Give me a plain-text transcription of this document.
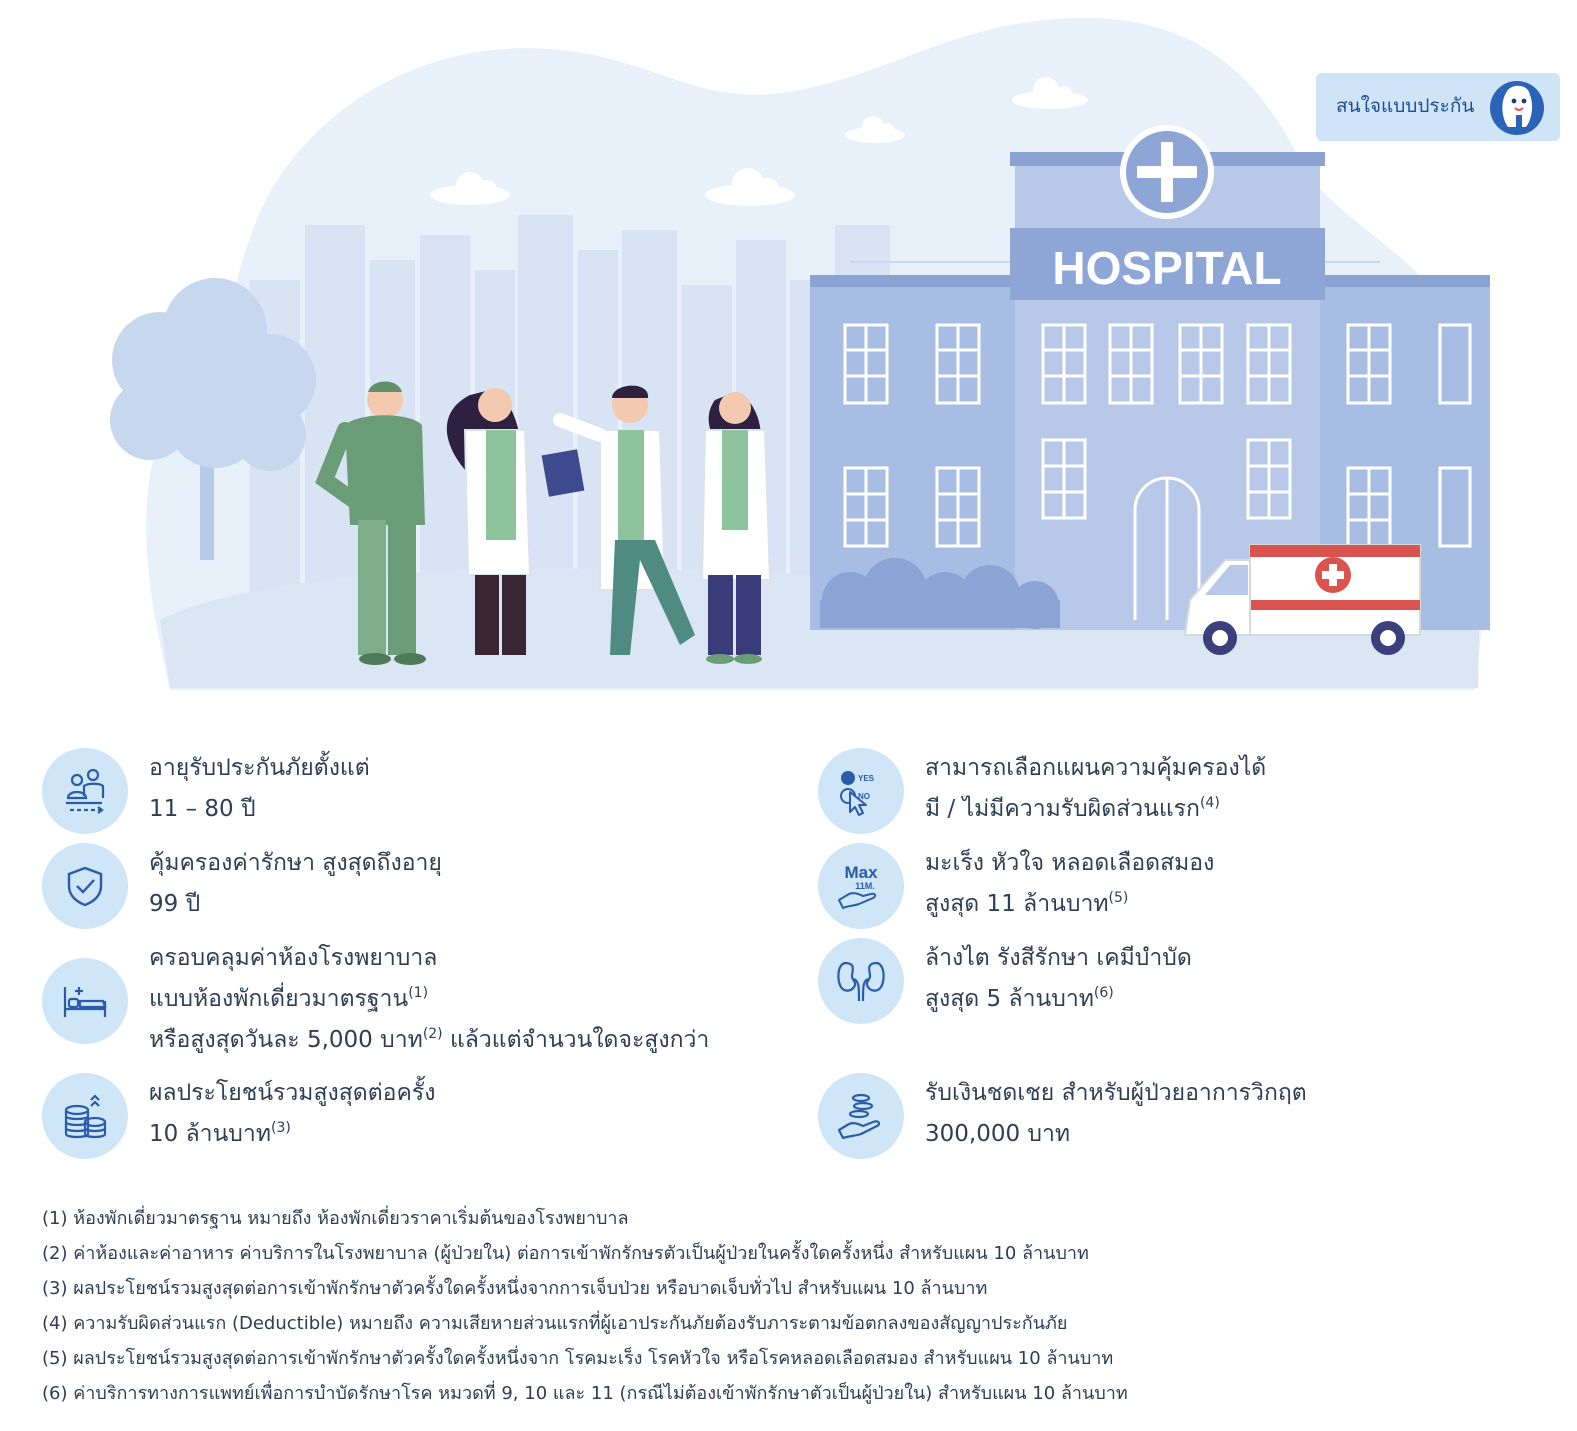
HOSPITAL
สนใจแบบประกัน
อายุรับประกันภัยตั้งแต่
11 – 80 ปี
YES
NO
สามารถเลือกแผนความคุ้มครองได้
มี / ไม่มีความรับผิดส่วนแรก$^{(4)}$
คุ้มครองค่ารักษา สูงสุดถึงอายุ
99 ปี
Max
11M.
มะเร็ง หัวใจ หลอดเลือดสมอง
สูงสุด 11 ล้านบาท$^{(5)}$
ครอบคลุมค่าห้องโรงพยาบาล
แบบห้องพักเดี่ยวมาตรฐาน$^{(1)}$
หรือสูงสุดวันละ 5,000 บาท$^{(2)}$ แล้วแต่จำนวนใดจะสูงกว่า
ล้างไต รังสีรักษา เคมีบำบัด
สูงสุด 5 ล้านบาท$^{(6)}$
ผลประโยชน์รวมสูงสุดต่อครั้ง
10 ล้านบาท$^{(3)}$
รับเงินชดเชย สำหรับผู้ป่วยอาการวิกฤต
300,000 บาท
(1) ห้องพักเดี่ยวมาตรฐาน หมายถึง ห้องพักเดี่ยวราคาเริ่มต้นของโรงพยาบาล
(2) ค่าห้องและค่าอาหาร ค่าบริการในโรงพยาบาล (ผู้ป่วยใน) ต่อการเข้าพักรักษรตัวเป็นผู้ป่วยในครั้งใดครั้งหนึ่ง สำหรับแผน 10 ล้านบาท
(3) ผลประโยชน์รวมสูงสุดต่อการเข้าพักรักษาตัวครั้งใดครั้งหนึ่งจากการเจ็บป่วย หรือบาดเจ็บทั่วไป สำหรับแผน 10 ล้านบาท
(4) ความรับผิดส่วนแรก (Deductible) หมายถึง ความเสียหายส่วนแรกที่ผู้เอาประกันภัยต้องรับภาระตามข้อตกลงของสัญญาประกันภัย
(5) ผลประโยชน์รวมสูงสุดต่อการเข้าพักรักษาตัวครั้งใดครั้งหนึ่งจาก โรคมะเร็ง โรคหัวใจ หรือโรคหลอดเลือดสมอง สำหรับแผน 10 ล้านบาท
(6) ค่าบริการทางการแพทย์เพื่อการบำบัดรักษาโรค หมวดที่ 9, 10 และ 11 (กรณีไม่ต้องเข้าพักรักษาตัวเป็นผู้ป่วยใน) สำหรับแผน 10 ล้านบาท
